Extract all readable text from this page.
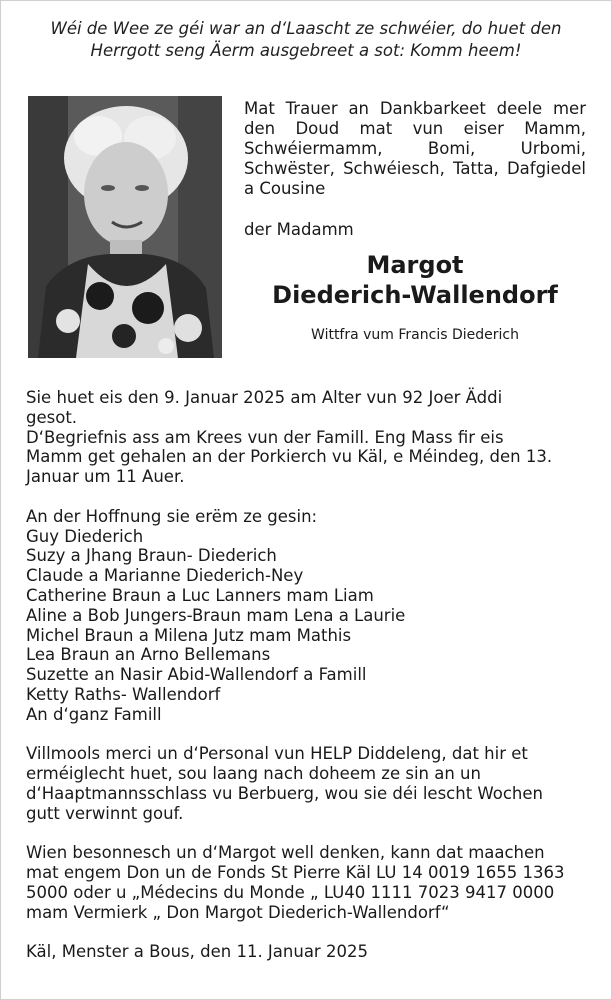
Wéi de Wee ze géi war an d‘Laascht ze schwéier, do huet den
Herrgott seng Äerm ausgebreet a sot: Komm heem!
Mat Trauer an Dankbarkeet deele mer den Doud mat vun eiser Mamm, Schwéiermamm, Bomi, Urbomi, Schwëster, Schwéiesch, Tatta, Dafgiedel a Cousine
der Madamm
Margot
Diederich-Wallendorf
Wittfra vum Francis Diederich

Sie huet eis den 9. Januar 2025 am Alter vun 92 Joer Äddi
gesot.
D‘Begriefnis ass am Krees vun der Famill. Eng Mass fir eis
Mamm get gehalen an der Porkierch vu Käl, e Méindeg, den 13.
Januar um 11 Auer.

An der Hoffnung sie erëm ze gesin:
Guy Diederich
Suzy a Jhang Braun- Diederich
Claude a Marianne Diederich-Ney
Catherine Braun a Luc Lanners mam Liam
Aline a Bob Jungers-Braun mam Lena a Laurie
Michel Braun a Milena Jutz mam Mathis
Lea Braun an Arno Bellemans
Suzette an Nasir Abid-Wallendorf a Famill
Ketty Raths- Wallendorf
An d‘ganz Famill

Villmools merci un d‘Personal vun HELP Diddeleng, dat hir et
erméiglecht huet, sou laang nach doheem ze sin an un
d‘Haaptmannsschlass vu Berbuerg, wou sie déi lescht Wochen
gutt verwinnt gouf.

Wien besonnesch un d‘Margot well denken, kann dat maachen
mat engem Don un de Fonds St Pierre Käl LU 14 0019 1655 1363
5000 oder u „Médecins du Monde „ LU40 1111 7023 9417 0000
mam Vermierk „ Don Margot Diederich-Wallendorf“

Käl, Menster a Bous, den 11. Januar 2025
